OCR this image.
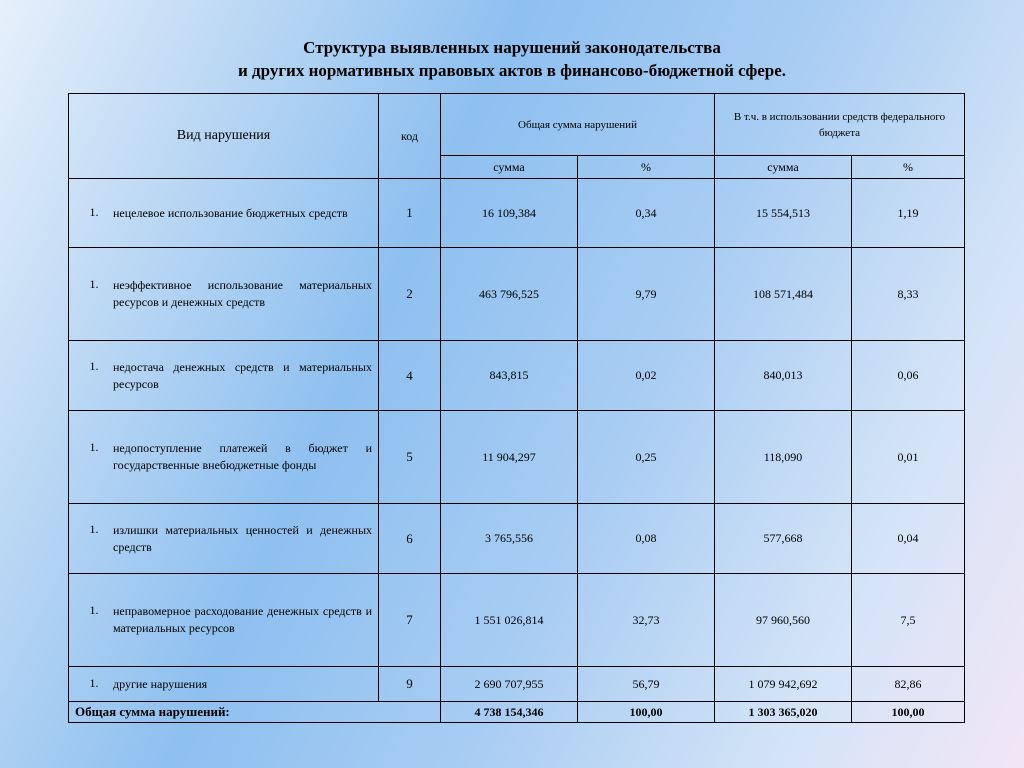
Структура выявленных нарушений законодательства
и других нормативных правовых актов в финансово-бюджетной сфере.
Вид нарушения	код	Общая сумма нарушений		В т.ч. в использовании средств федерального бюджета	
		сумма	%	сумма	%

1. нецелевое использование бюджетных средств	1	16 109,384	0,34	15 554,513	1,19

1. неэффективное использование материальных ресурсов и денежных средств	2	463 796,525	9,79	108 571,484	8,33

1. недостача денежных средств и материальных ресурсов	4	843,815	0,02	840,013	0,06

1. недопоступление платежей в бюджет и государственные внебюджетные фонды	5	11 904,297	0,25	118,090	0,01

1. излишки материальных ценностей и денежных средств	6	3 765,556	0,08	577,668	0,04

1. неправомерное расходование денежных средств и материальных ресурсов	7	1 551 026,814	32,73	97 960,560	7,5

1. другие нарушения	9	2 690 707,955	56,79	1 079 942,692	82,86
Общая сумма нарушений:		4 738 154,346	100,00	1 303 365,020	100,00
